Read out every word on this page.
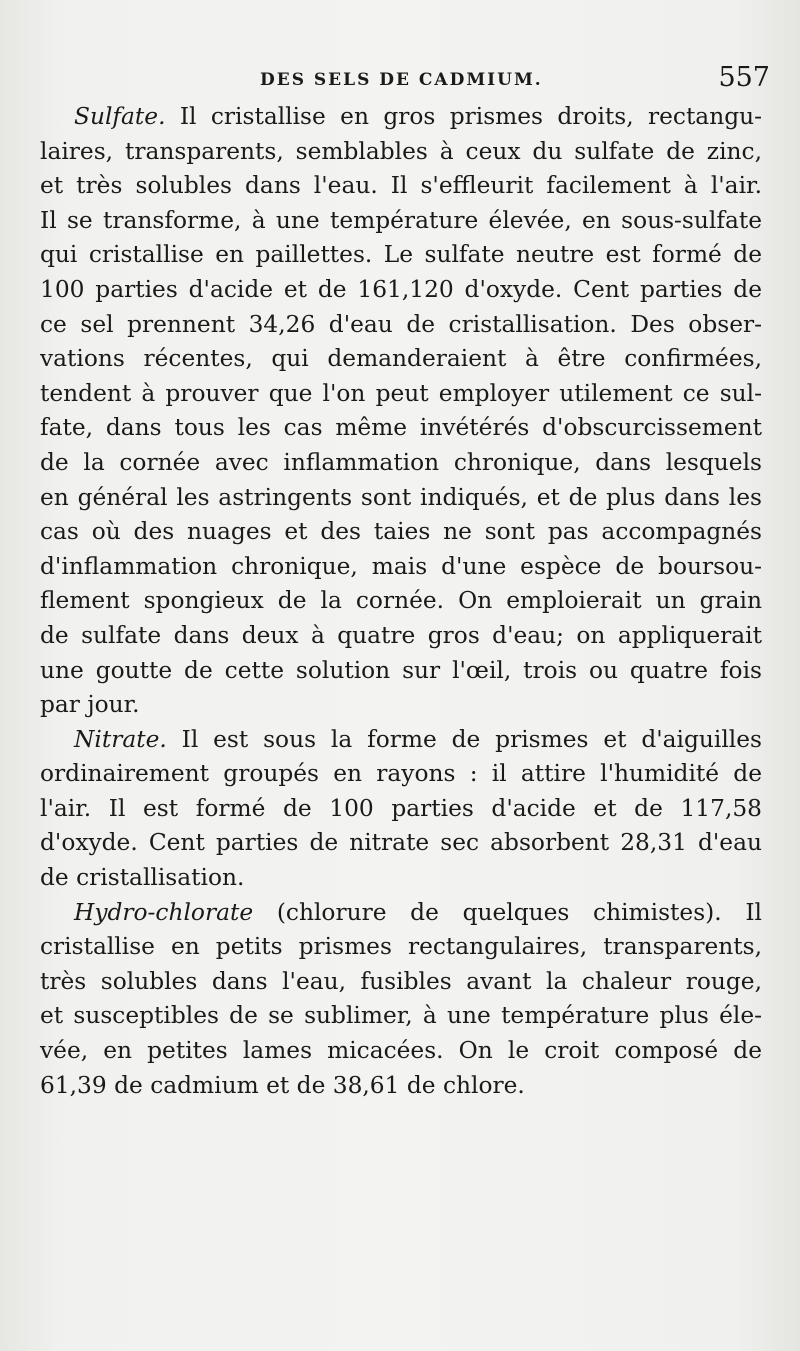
DES SELS DE CADMIUM.	557
Sulfate. Il cristallise en gros prismes droits, rectangu-
laires, transparents, semblables à ceux du sulfate de zinc,
et très solubles dans l'eau. Il s'effleurit facilement à l'air.
Il se transforme, à une température élevée, en sous-sulfate
qui cristallise en paillettes. Le sulfate neutre est formé de
100 parties d'acide et de 161,120 d'oxyde. Cent parties de
ce sel prennent 34,26 d'eau de cristallisation. Des obser-
vations récentes, qui demanderaient à être confirmées,
tendent à prouver que l'on peut employer utilement ce sul-
fate, dans tous les cas même invétérés d'obscurcissement
de la cornée avec inflammation chronique, dans lesquels
en général les astringents sont indiqués, et de plus dans les
cas où des nuages et des taies ne sont pas accompagnés
d'inflammation chronique, mais d'une espèce de boursou-
flement spongieux de la cornée. On emploierait un grain
de sulfate dans deux à quatre gros d'eau; on appliquerait
une goutte de cette solution sur l'œil, trois ou quatre fois
par jour.
Nitrate. Il est sous la forme de prismes et d'aiguilles
ordinairement groupés en rayons : il attire l'humidité de
l'air. Il est formé de 100 parties d'acide et de 117,58
d'oxyde. Cent parties de nitrate sec absorbent 28,31 d'eau
de cristallisation.
Hydro-chlorate (chlorure de quelques chimistes). Il
cristallise en petits prismes rectangulaires, transparents,
très solubles dans l'eau, fusibles avant la chaleur rouge,
et susceptibles de se sublimer, à une température plus éle-
vée, en petites lames micacées. On le croit composé de
61,39 de cadmium et de 38,61 de chlore.
